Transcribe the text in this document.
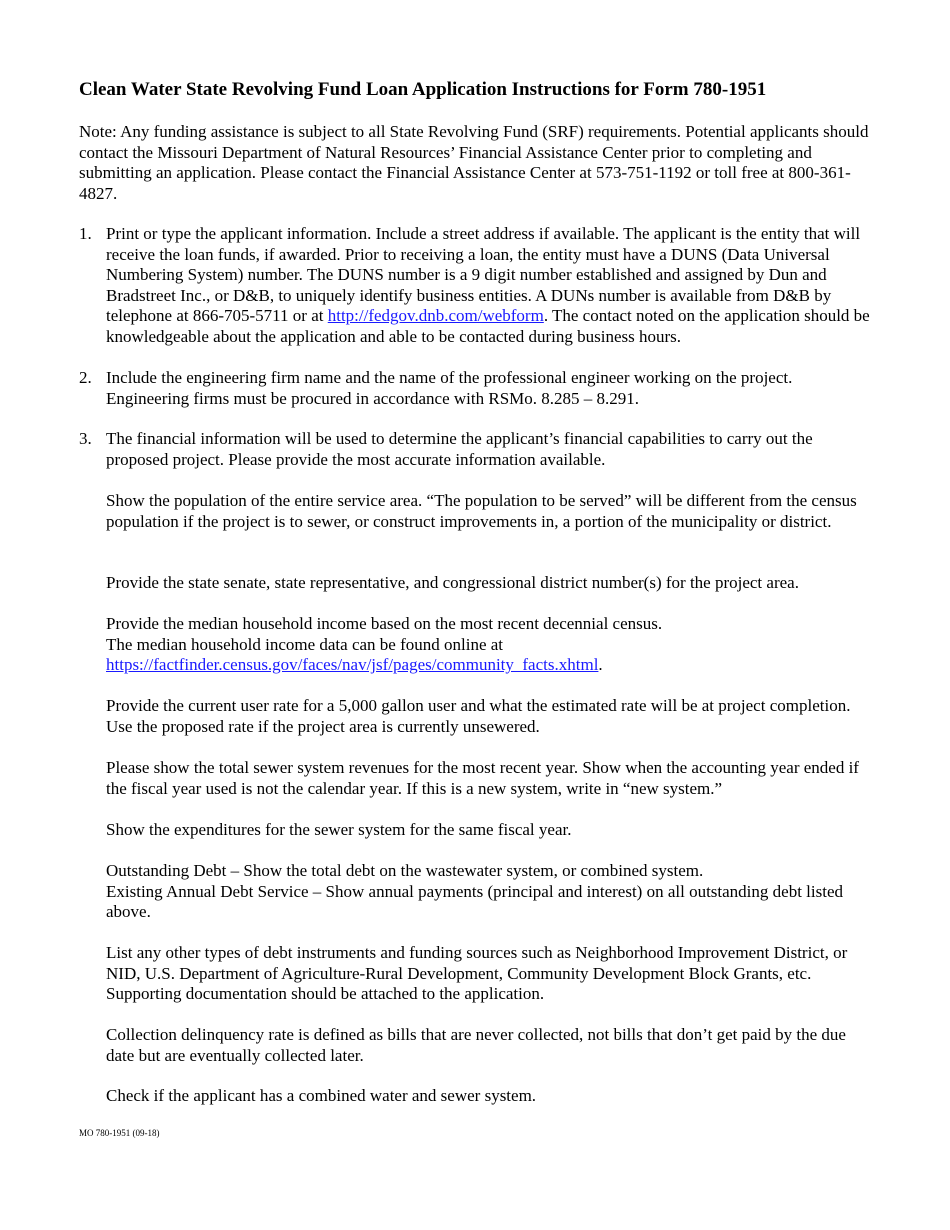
Clean Water State Revolving Fund Loan Application Instructions for Form 780-1951

Note: Any funding assistance is subject to all State Revolving Fund (SRF) requirements. Potential applicants should contact the Missouri Department of Natural Resources’ Financial Assistance Center prior to completing and submitting an application. Please contact the Financial Assistance Center at 573-751-1192 or toll free at 800-361-4827.

1. Print or type the applicant information. Include a street address if available. The applicant is the entity that will receive the loan funds, if awarded. Prior to receiving a loan, the entity must have a DUNS (Data Universal Numbering System) number. The DUNS number is a 9 digit number established and assigned by Dun and Bradstreet Inc., or D&B, to uniquely identify business entities. A DUNs number is available from D&B by telephone at 866-705-5711 or at http://fedgov.dnb.com/webform. The contact noted on the application should be knowledgeable about the application and able to be contacted during business hours.

2. Include the engineering firm name and the name of the professional engineer working on the project. Engineering firms must be procured in accordance with RSMo. 8.285 – 8.291.

3. The financial information will be used to determine the applicant’s financial capabilities to carry out the proposed project. Please provide the most accurate information available.

Show the population of the entire service area. “The population to be served” will be different from the census population if the project is to sewer, or construct improvements in, a portion of the municipality or district.

Provide the state senate, state representative, and congressional district number(s) for the project area.

Provide the median household income based on the most recent decennial census.
The median household income data can be found online at
https://factfinder.census.gov/faces/nav/jsf/pages/community_facts.xhtml.

Provide the current user rate for a 5,000 gallon user and what the estimated rate will be at project completion. Use the proposed rate if the project area is currently unsewered.

Please show the total sewer system revenues for the most recent year. Show when the accounting year ended if the fiscal year used is not the calendar year. If this is a new system, write in “new system.”

Show the expenditures for the sewer system for the same fiscal year.

Outstanding Debt – Show the total debt on the wastewater system, or combined system.
Existing Annual Debt Service – Show annual payments (principal and interest) on all outstanding debt listed above.

List any other types of debt instruments and funding sources such as Neighborhood Improvement District, or NID, U.S. Department of Agriculture-Rural Development, Community Development Block Grants, etc. Supporting documentation should be attached to the application.

Collection delinquency rate is defined as bills that are never collected, not bills that don’t get paid by the due date but are eventually collected later.

Check if the applicant has a combined water and sewer system.

MO 780-1951 (09-18)
